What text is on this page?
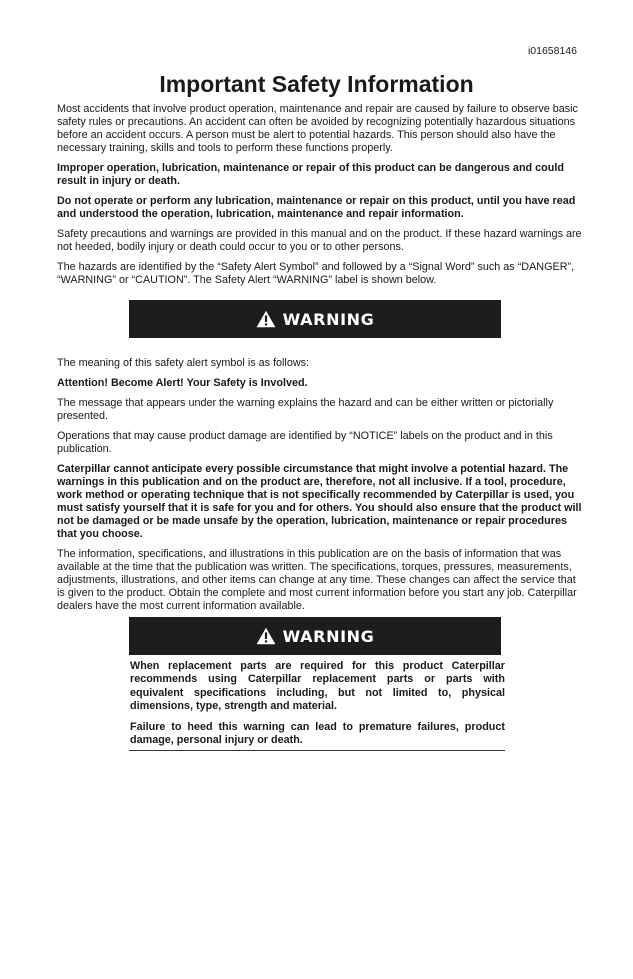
i01658146
Important Safety Information

Most accidents that involve product operation, maintenance and repair are caused by failure to observe basic safety rules or precautions. An accident can often be avoided by recognizing potentially hazardous situations before an accident occurs. A person must be alert to potential hazards. This person should also have the necessary training, skills and tools to perform these functions properly.

Improper operation, lubrication, maintenance or repair of this product can be dangerous and could result in injury or death.

Do not operate or perform any lubrication, maintenance or repair on this product, until you have read and understood the operation, lubrication, maintenance and repair information.

Safety precautions and warnings are provided in this manual and on the product. If these hazard warnings are not heeded, bodily injury or death could occur to you or to other persons.

The hazards are identified by the “Safety Alert Symbol” and followed by a “Signal Word” such as “DANGER”, “WARNING” or “CAUTION”. The Safety Alert “WARNING” label is shown below.

WARNING

The meaning of this safety alert symbol is as follows:

Attention! Become Alert! Your Safety is Involved.

The message that appears under the warning explains the hazard and can be either written or pictorially presented.

Operations that may cause product damage are identified by “NOTICE” labels on the product and in this publication.

Caterpillar cannot anticipate every possible circumstance that might involve a potential hazard. The warnings in this publication and on the product are, therefore, not all inclusive. If a tool, procedure, work method or operating technique that is not specifically recommended by Caterpillar is used, you must satisfy yourself that it is safe for you and for others. You should also ensure that the product will not be damaged or be made unsafe by the operation, lubrication, maintenance or repair procedures that you choose.

The information, specifications, and illustrations in this publication are on the basis of information that was available at the time that the publication was written. The specifications, torques, pressures, measurements, adjustments, illustrations, and other items can change at any time. These changes can affect the service that is given to the product. Obtain the complete and most current information before you start any job. Caterpillar dealers have the most current information available.

WARNING

When replacement parts are required for this product Caterpillar recommends using Caterpillar replacement parts or parts with equivalent specifications including, but not limited to, physical dimensions, type, strength and material.

Failure to heed this warning can lead to premature failures, product damage, personal injury or death.
